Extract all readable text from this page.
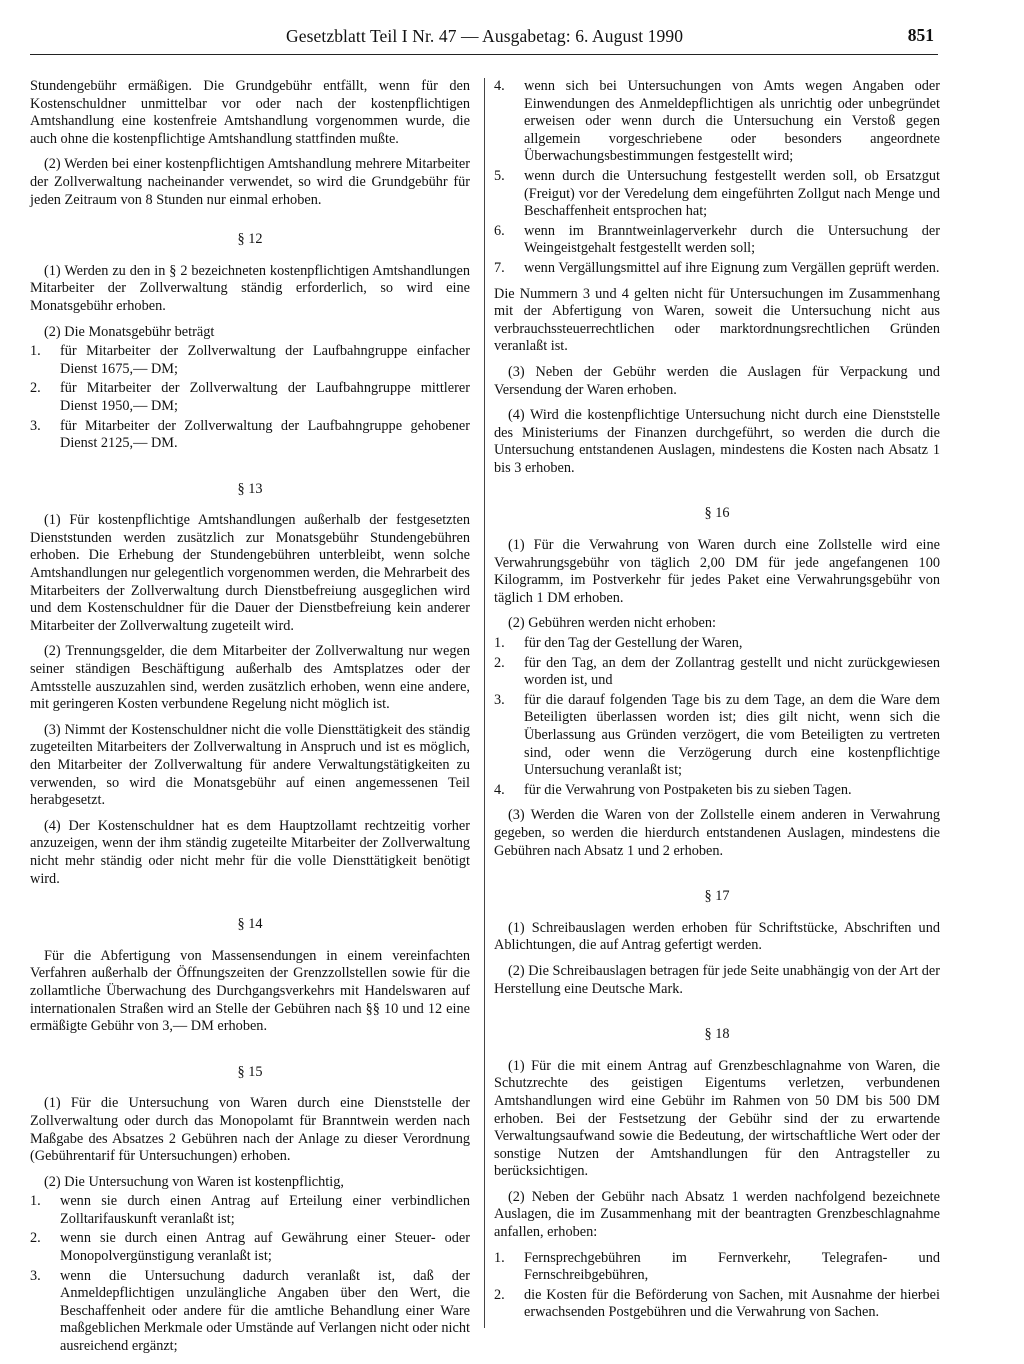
Gesetzblatt Teil I Nr. 47 — Ausgabetag: 6. August 1990	851

Stundengebühr ermäßigen. Die Grundgebühr entfällt, wenn für den Kostenschuldner unmittelbar vor oder nach der kostenpflichtigen Amtshandlung eine kostenfreie Amtshandlung vorgenommen wurde, die auch ohne die kostenpflichtige Amtshandlung stattfinden mußte.

(2) Werden bei einer kostenpflichtigen Amtshandlung mehrere Mitarbeiter der Zollverwaltung nacheinander verwendet, so wird die Grundgebühr für jeden Zeitraum von 8 Stunden nur einmal erhoben.

§ 12

(1) Werden zu den in § 2 bezeichneten kostenpflichtigen Amtshandlungen Mitarbeiter der Zollverwaltung ständig erforderlich, so wird eine Monatsgebühr erhoben.

(2) Die Monatsgebühr beträgt

1.	für Mitarbeiter der Zollverwaltung der Laufbahngruppe einfacher Dienst 1675,— DM;
2.	für Mitarbeiter der Zollverwaltung der Laufbahngruppe mittlerer Dienst 1950,— DM;
3.	für Mitarbeiter der Zollverwaltung der Laufbahngruppe gehobener Dienst 2125,— DM.
§ 13

(1) Für kostenpflichtige Amtshandlungen außerhalb der festgesetzten Dienststunden werden zusätzlich zur Monatsgebühr Stundengebühren erhoben. Die Erhebung der Stundengebühren unterbleibt, wenn solche Amtshandlungen nur gelegentlich vorgenommen werden, die Mehrarbeit des Mitarbeiters der Zollverwaltung durch Dienstbefreiung ausgeglichen wird und dem Kostenschuldner für die Dauer der Dienstbefreiung kein anderer Mitarbeiter der Zollverwaltung zugeteilt wird.

(2) Trennungsgelder, die dem Mitarbeiter der Zollverwaltung nur wegen seiner ständigen Beschäftigung außerhalb des Amtsplatzes oder der Amtsstelle auszuzahlen sind, werden zusätzlich erhoben, wenn eine andere, mit geringeren Kosten verbundene Regelung nicht möglich ist.

(3) Nimmt der Kostenschuldner nicht die volle Diensttätigkeit des ständig zugeteilten Mitarbeiters der Zollverwaltung in Anspruch und ist es möglich, den Mitarbeiter der Zollverwaltung für andere Verwaltungstätigkeiten zu verwenden, so wird die Monatsgebühr auf einen angemessenen Teil herabgesetzt.

(4) Der Kostenschuldner hat es dem Hauptzollamt rechtzeitig vorher anzuzeigen, wenn der ihm ständig zugeteilte Mitarbeiter der Zollverwaltung nicht mehr ständig oder nicht mehr für die volle Diensttätigkeit benötigt wird.

§ 14

Für die Abfertigung von Massensendungen in einem vereinfachten Verfahren außerhalb der Öffnungszeiten der Grenzzollstellen sowie für die zollamtliche Überwachung des Durchgangsverkehrs mit Handelswaren auf internationalen Straßen wird an Stelle der Gebühren nach §§ 10 und 12 eine ermäßigte Gebühr von 3,— DM erhoben.

§ 15

(1) Für die Untersuchung von Waren durch eine Dienststelle der Zollverwaltung oder durch das Monopolamt für Branntwein werden nach Maßgabe des Absatzes 2 Gebühren nach der Anlage zu dieser Verordnung (Gebührentarif für Untersuchungen) erhoben.

(2) Die Untersuchung von Waren ist kostenpflichtig,

1.	wenn sie durch einen Antrag auf Erteilung einer verbindlichen Zolltarifauskunft veranlaßt ist;
2.	wenn sie durch einen Antrag auf Gewährung einer Steuer- oder Monopolvergünstigung veranlaßt ist;
3.	wenn die Untersuchung dadurch veranlaßt ist, daß der Anmeldepflichtigen unzulängliche Angaben über den Wert, die Beschaffenheit oder andere für die amtliche Behandlung einer Ware maßgeblichen Merkmale oder Umstände auf Verlangen nicht oder nicht ausreichend ergänzt;
4.	wenn sich bei Untersuchungen von Amts wegen Angaben oder Einwendungen des Anmeldepflichtigen als unrichtig oder unbegründet erweisen oder wenn durch die Untersuchung ein Verstoß gegen allgemein vorgeschriebene oder besonders angeordnete Überwachungsbestimmungen festgestellt wird;
5.	wenn durch die Untersuchung festgestellt werden soll, ob Ersatzgut (Freigut) vor der Veredelung dem eingeführten Zollgut nach Menge und Beschaffenheit entsprochen hat;
6.	wenn im Branntweinlagerverkehr durch die Untersuchung der Weingeistgehalt festgestellt werden soll;
7.	wenn Vergällungsmittel auf ihre Eignung zum Vergällen geprüft werden.

Die Nummern 3 und 4 gelten nicht für Untersuchungen im Zusammenhang mit der Abfertigung von Waren, soweit die Untersuchung nicht aus verbrauchssteuerrechtlichen oder marktordnungsrechtlichen Gründen veranlaßt ist.

(3) Neben der Gebühr werden die Auslagen für Verpackung und Versendung der Waren erhoben.

(4) Wird die kostenpflichtige Untersuchung nicht durch eine Dienststelle des Ministeriums der Finanzen durchgeführt, so werden die durch die Untersuchung entstandenen Auslagen, mindestens die Kosten nach Absatz 1 bis 3 erhoben.

§ 16

(1) Für die Verwahrung von Waren durch eine Zollstelle wird eine Verwahrungsgebühr von täglich 2,00 DM für jede angefangenen 100 Kilogramm, im Postverkehr für jedes Paket eine Verwahrungsgebühr von täglich 1 DM erhoben.

(2) Gebühren werden nicht erhoben:

1.	für den Tag der Gestellung der Waren,
2.	für den Tag, an dem der Zollantrag gestellt und nicht zurückgewiesen worden ist, und
3.	für die darauf folgenden Tage bis zu dem Tage, an dem die Ware dem Beteiligten überlassen worden ist; dies gilt nicht, wenn sich die Überlassung aus Gründen verzögert, die vom Beteiligten zu vertreten sind, oder wenn die Verzögerung durch eine kostenpflichtige Untersuchung veranlaßt ist;
4.	für die Verwahrung von Postpaketen bis zu sieben Tagen.

(3) Werden die Waren von der Zollstelle einem anderen in Verwahrung gegeben, so werden die hierdurch entstandenen Auslagen, mindestens die Gebühren nach Absatz 1 und 2 erhoben.

§ 17

(1) Schreibauslagen werden erhoben für Schriftstücke, Abschriften und Ablichtungen, die auf Antrag gefertigt werden.

(2) Die Schreibauslagen betragen für jede Seite unabhängig von der Art der Herstellung eine Deutsche Mark.

§ 18

(1) Für die mit einem Antrag auf Grenzbeschlagnahme von Waren, die Schutzrechte des geistigen Eigentums verletzen, verbundenen Amtshandlungen wird eine Gebühr im Rahmen von 50 DM bis 500 DM erhoben. Bei der Festsetzung der Gebühr sind der zu erwartende Verwaltungsaufwand sowie die Bedeutung, der wirtschaftliche Wert oder der sonstige Nutzen der Amtshandlungen für den Antragsteller zu berücksichtigen.

(2) Neben der Gebühr nach Absatz 1 werden nachfolgend bezeichnete Auslagen, die im Zusammenhang mit der beantragten Grenzbeschlagnahme anfallen, erhoben:

1.	Fernsprechgebühren im Fernverkehr, Telegrafen- und Fernschreibgebühren,
2.	die Kosten für die Beförderung von Sachen, mit Ausnahme der hierbei erwachsenden Postgebühren und die Verwahrung von Sachen.
